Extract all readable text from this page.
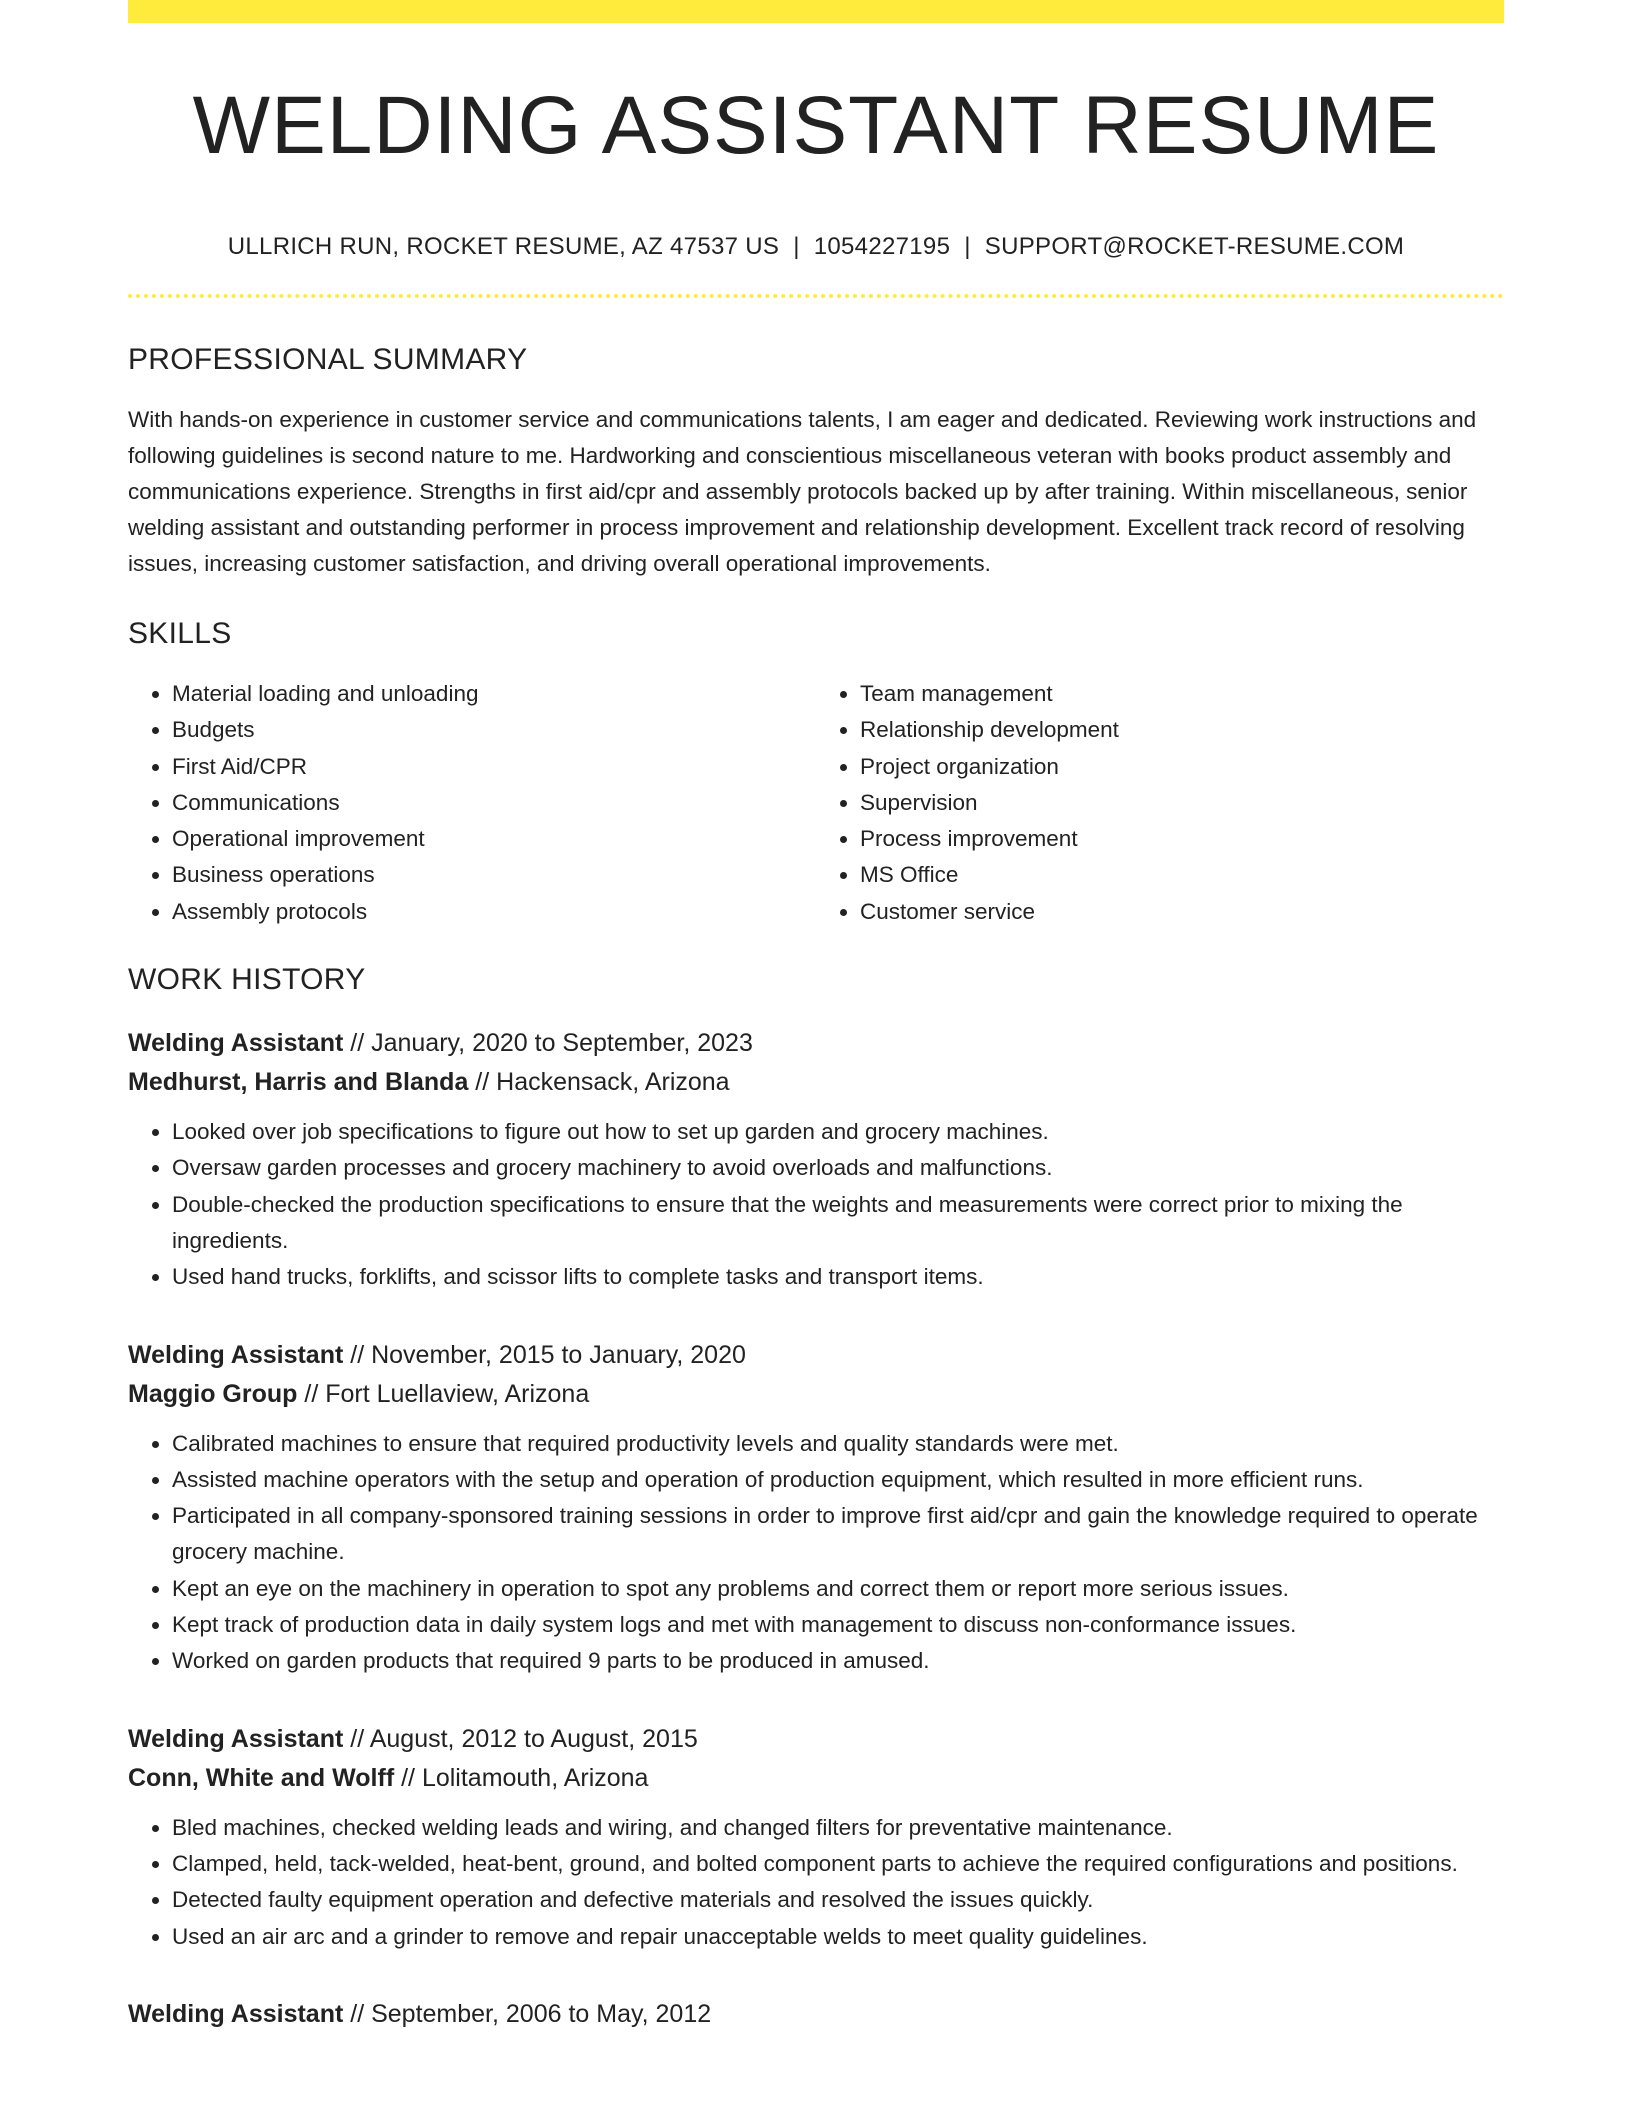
WELDING ASSISTANT RESUME
ULLRICH RUN, ROCKET RESUME, AZ 47537 US | 1054227195 | SUPPORT@ROCKET-RESUME.COM
PROFESSIONAL SUMMARY

With hands-on experience in customer service and communications talents, I am eager and dedicated. Reviewing work instructions and following guidelines is second nature to me. Hardworking and conscientious miscellaneous veteran with books product assembly and communications experience. Strengths in first aid/cpr and assembly protocols backed up by after training. Within miscellaneous, senior welding assistant and outstanding performer in process improvement and relationship development. Excellent track record of resolving issues, increasing customer satisfaction, and driving overall operational improvements.

SKILLS
• Material loading and unloading
• Budgets
• First Aid/CPR
• Communications
• Operational improvement
• Business operations
• Assembly protocols
• Team management
• Relationship development
• Project organization
• Supervision
• Process improvement
• MS Office
• Customer service
WORK HISTORY
Welding Assistant // January, 2020 to September, 2023
Medhurst, Harris and Blanda // Hackensack, Arizona
• Looked over job specifications to figure out how to set up garden and grocery machines.
• Oversaw garden processes and grocery machinery to avoid overloads and malfunctions.
• Double-checked the production specifications to ensure that the weights and measurements were correct prior to mixing the ingredients.
• Used hand trucks, forklifts, and scissor lifts to complete tasks and transport items.
Welding Assistant // November, 2015 to January, 2020
Maggio Group // Fort Luellaview, Arizona
• Calibrated machines to ensure that required productivity levels and quality standards were met.
• Assisted machine operators with the setup and operation of production equipment, which resulted in more efficient runs.
• Participated in all company-sponsored training sessions in order to improve first aid/cpr and gain the knowledge required to operate grocery machine.
• Kept an eye on the machinery in operation to spot any problems and correct them or report more serious issues.
• Kept track of production data in daily system logs and met with management to discuss non-conformance issues.
• Worked on garden products that required 9 parts to be produced in amused.
Welding Assistant // August, 2012 to August, 2015
Conn, White and Wolff // Lolitamouth, Arizona
• Bled machines, checked welding leads and wiring, and changed filters for preventative maintenance.
• Clamped, held, tack-welded, heat-bent, ground, and bolted component parts to achieve the required configurations and positions.
• Detected faulty equipment operation and defective materials and resolved the issues quickly.
• Used an air arc and a grinder to remove and repair unacceptable welds to meet quality guidelines.
Welding Assistant // September, 2006 to May, 2012
